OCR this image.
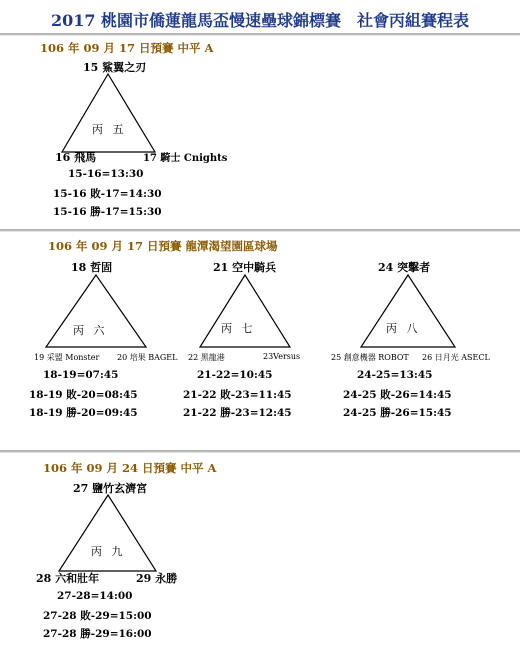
2017 桃園市僑蓮龍馬盃慢速壘球錦標賽　社會丙組賽程表
106 年 09 月 17 日預賽 中平 A
15 鯊翼之刃
丙 五
16 飛馬	17 騎士 Cnights
15-16=13:30
15-16 敗-17=14:30
15-16 勝-17=15:30
106 年 09 月 17 日預賽 龍潭渴望園區球場
18 哲固
丙 六
19 采盟 Monster 20 培果 BAGEL
18-19=07:45
18-19 敗-20=08:45
18-19 勝-20=09:45
21 空中騎兵
丙 七
22 黑龍港	23Versus
21-22=10:45
21-22 敗-23=11:45
21-22 勝-23=12:45
24 突擊者
丙 八
25 創意機器 ROBOT 26 日月光 ASECL
24-25=13:45
24-25 敗-26=14:45
24-25 勝-26=15:45
106 年 09 月 24 日預賽 中平 A
27 鹽竹玄濟宮
丙 九
28 六和壯年	29 永勝
27-28=14:00
27-28 敗-29=15:00
27-28 勝-29=16:00
